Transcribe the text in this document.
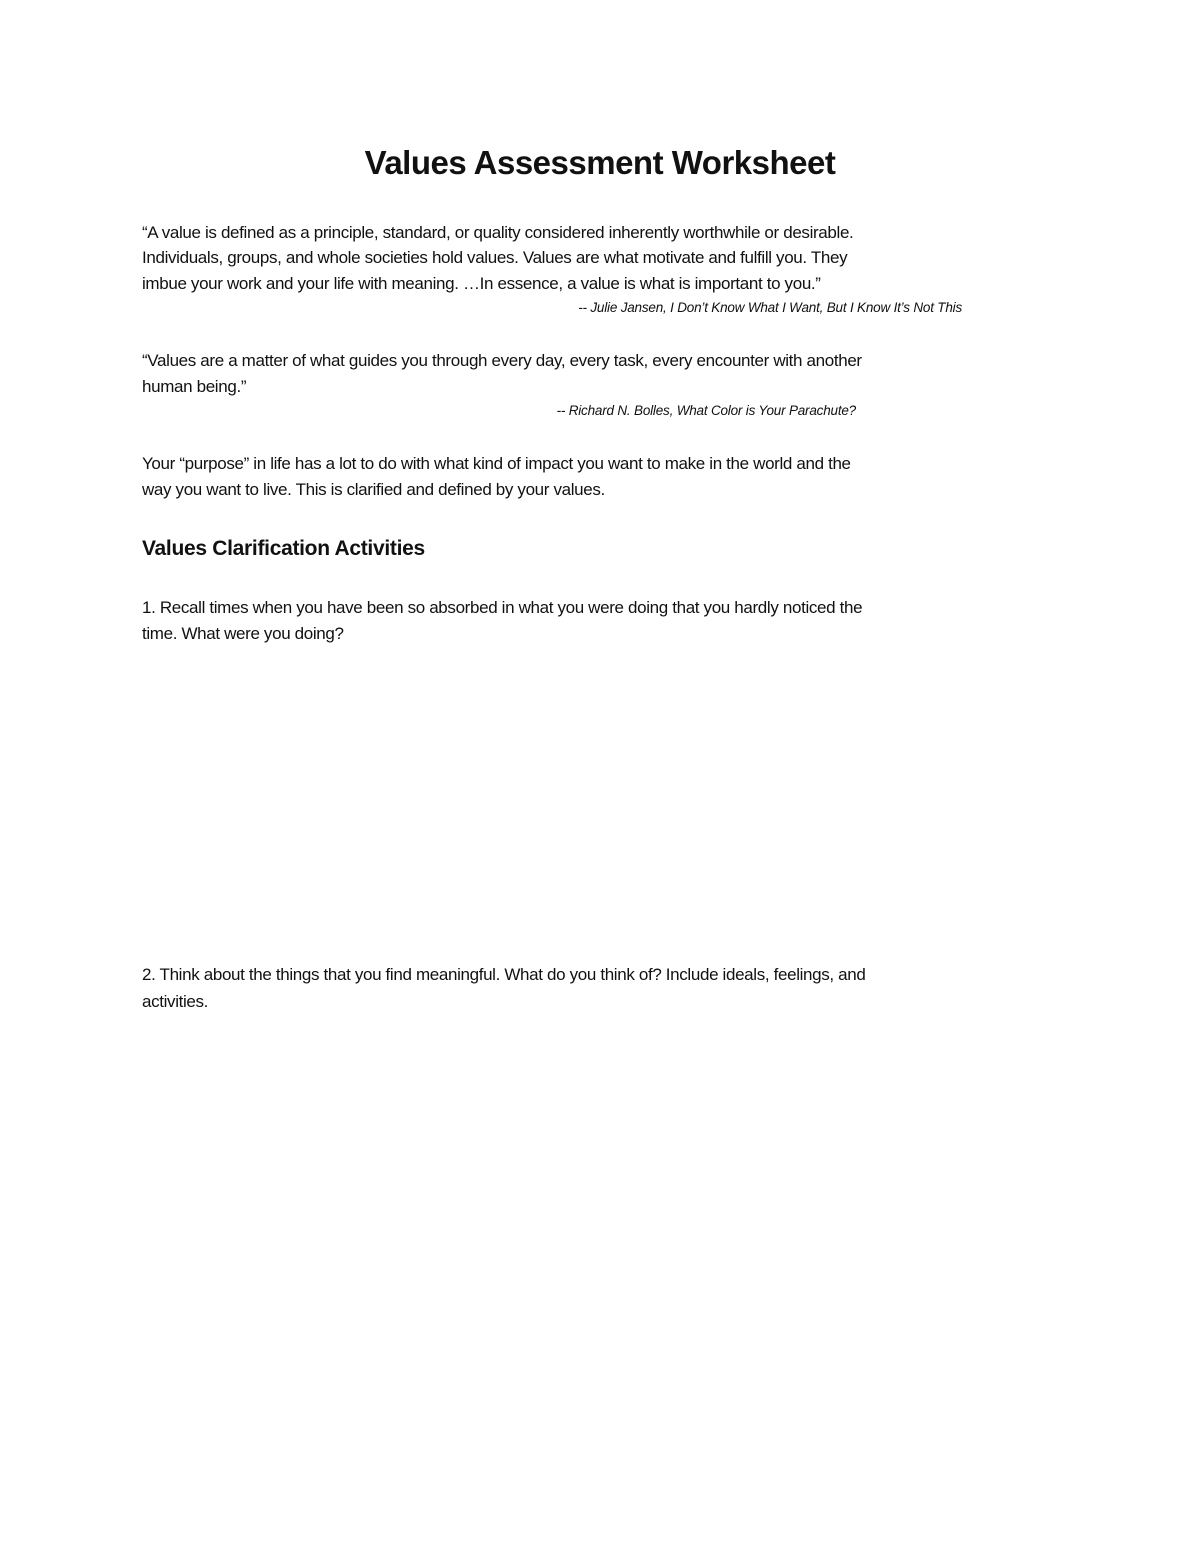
Values Assessment Worksheet
“A value is defined as a principle, standard, or quality considered inherently worthwhile or desirable.
Individuals, groups, and whole societies hold values. Values are what motivate and fulfill you. They
imbue your work and your life with meaning. …In essence, a value is what is important to you.”
-- Julie Jansen, I Don’t Know What I Want, But I Know It’s Not This
“Values are a matter of what guides you through every day, every task, every encounter with another
human being.”
-- Richard N. Bolles, What Color is Your Parachute?
Your “purpose” in life has a lot to do with what kind of impact you want to make in the world and the
way you want to live. This is clarified and defined by your values.
Values Clarification Activities
1. Recall times when you have been so absorbed in what you were doing that you hardly noticed the
time. What were you doing?
2. Think about the things that you find meaningful. What do you think of? Include ideals, feelings, and
activities.
